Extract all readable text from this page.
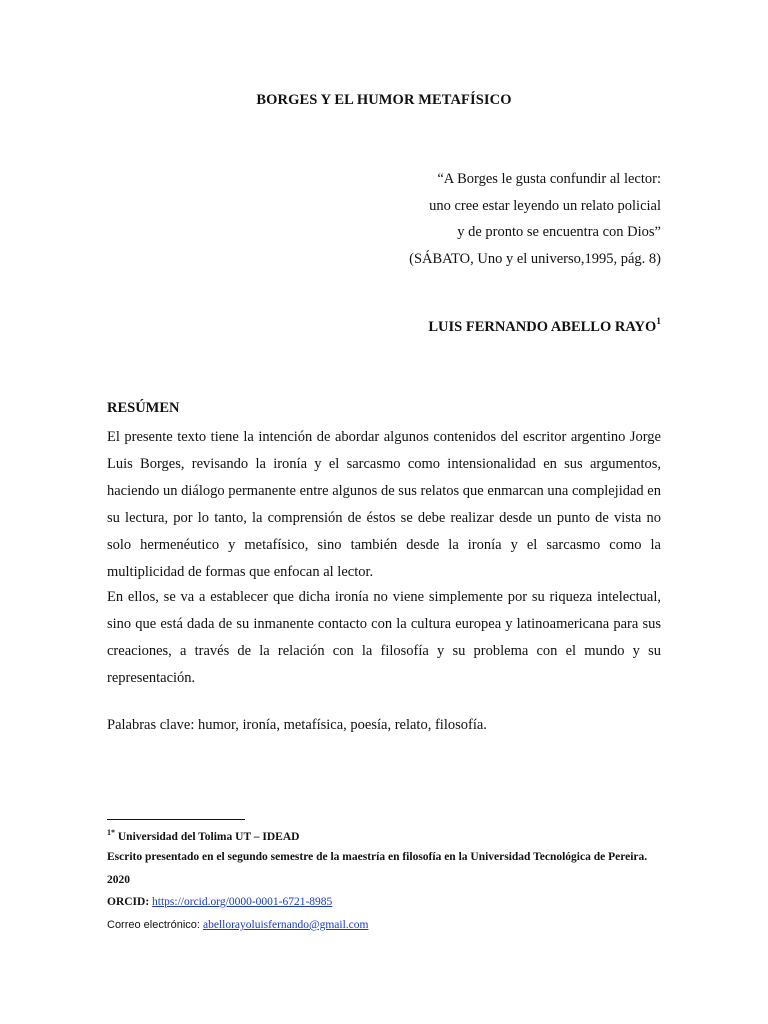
BORGES Y EL HUMOR METAFÍSICO
“A Borges le gusta confundir al lector:
uno cree estar leyendo un relato policial
y de pronto se encuentra con Dios”
(SÁBATO, Uno y el universo,1995, pág. 8)
LUIS FERNANDO ABELLO RAYO$^1$
RESÚMEN
El presente texto tiene la intención de abordar algunos contenidos del escritor argentino Jorge Luis Borges, revisando la ironía y el sarcasmo como intensionalidad en sus argumentos, haciendo un diálogo permanente entre algunos de sus relatos que enmarcan una complejidad en su lectura, por lo tanto, la comprensión de éstos se debe realizar desde un punto de vista no solo hermenéutico y metafísico, sino también desde la ironía y el sarcasmo como la multiplicidad de formas que enfocan al lector.
En ellos, se va a establecer que dicha ironía no viene simplemente por su riqueza intelectual, sino que está dada de su inmanente contacto con la cultura europea y latinoamericana para sus creaciones, a través de la relación con la filosofía y su problema con el mundo y su representación.
Palabras clave: humor, ironía, metafísica, poesía, relato, filosofía.
$^{1*}$ Universidad del Tolima UT – IDEAD
Escrito presentado en el segundo semestre de la maestría en filosofía en la Universidad Tecnológica de Pereira. 2020
ORCID: https://orcid.org/0000-0001-6721-8985
Correo electrónico: abellorayoluisfernando@gmail.com
